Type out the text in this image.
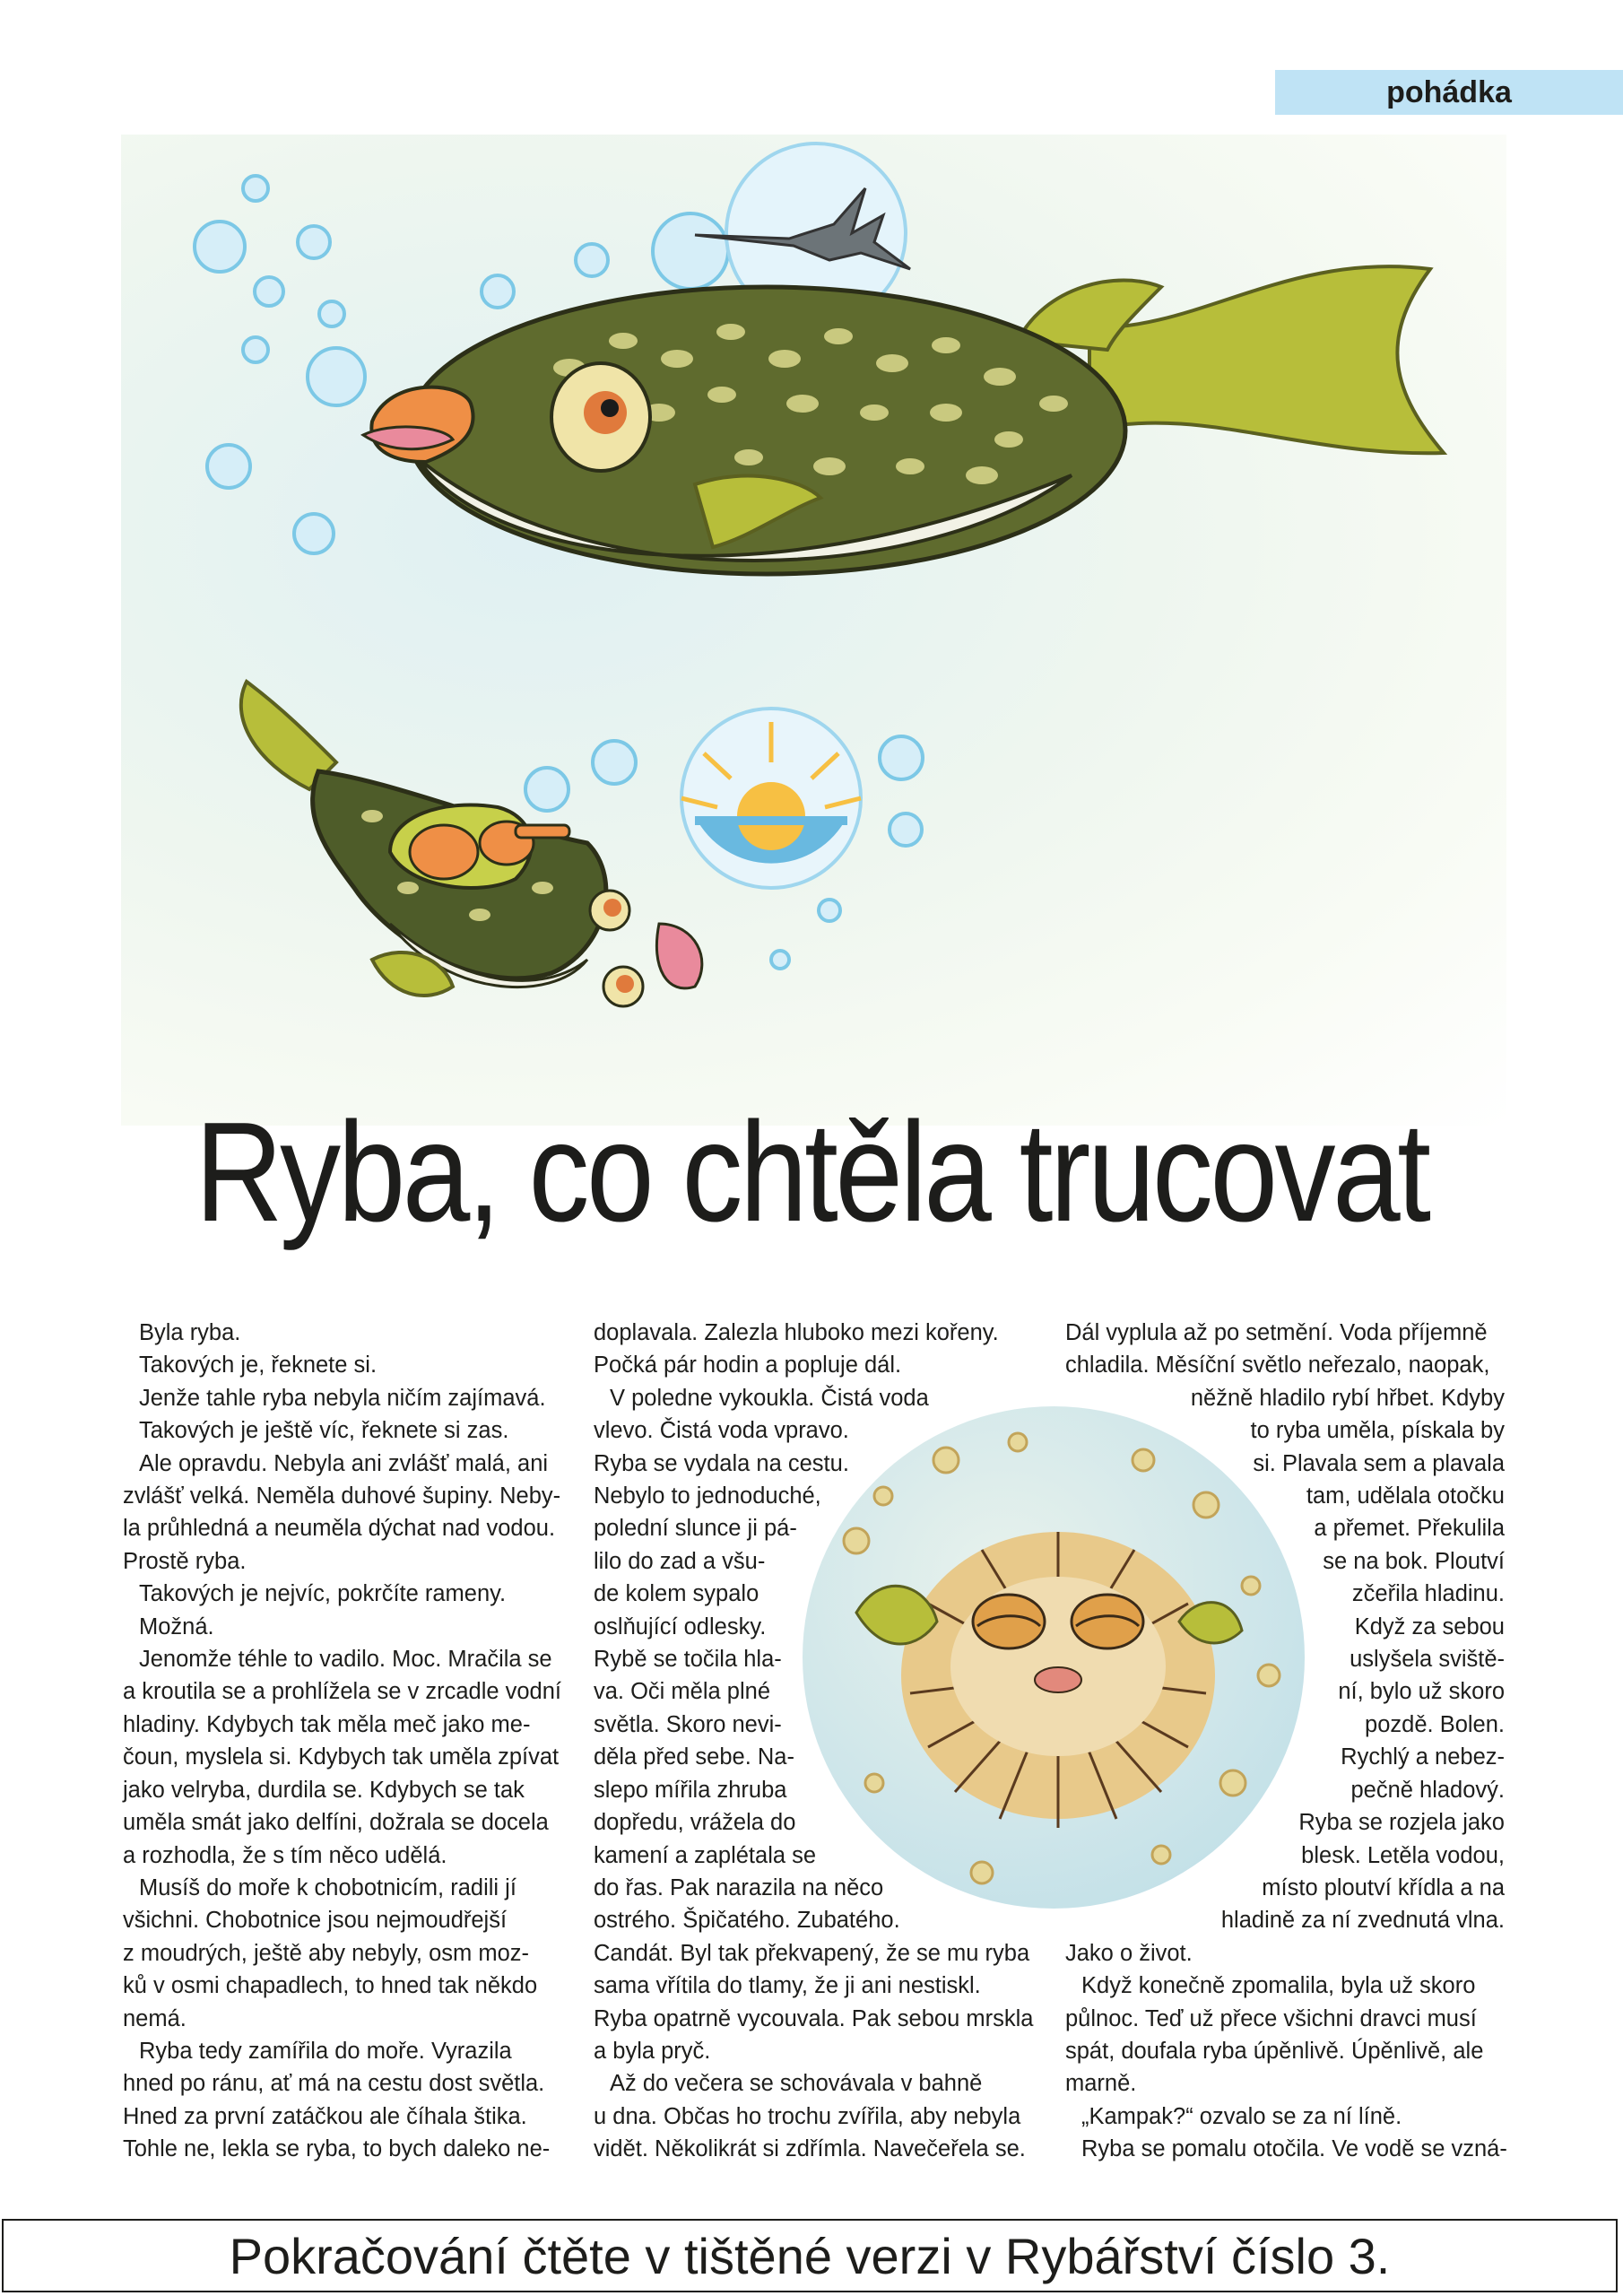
pohádka
Ryba, co chtěla trucovat
Byla ryba.
Takových je, řeknete si.
Jenže tahle ryba nebyla ničím zajímavá.
Takových je ještě víc, řeknete si zas.
Ale opravdu. Nebyla ani zvlášť malá, ani
zvlášť velká. Neměla duhové šupiny. Neby-
la průhledná a neuměla dýchat nad vodou.
Prostě ryba.
Takových je nejvíc, pokrčíte rameny.
Možná.
Jenomže téhle to vadilo. Moc. Mračila se
a kroutila se a prohlížela se v zrcadle vodní
hladiny. Kdybych tak měla meč jako me-
čoun, myslela si. Kdybych tak uměla zpívat
jako velryba, durdila se. Kdybych se tak
uměla smát jako delfíni, dožrala se docela
a rozhodla, že s tím něco udělá.
Musíš do moře k chobotnicím, radili jí
všichni. Chobotnice jsou nejmoudřejší
z moudrých, ještě aby nebyly, osm moz-
ků v osmi chapadlech, to hned tak někdo
nemá.
Ryba tedy zamířila do moře. Vyrazila
hned po ránu, ať má na cestu dost světla.
Hned za první zatáčkou ale číhala štika.
Tohle ne, lekla se ryba, to bych daleko ne-
doplavala. Zalezla hluboko mezi kořeny.
Počká pár hodin a popluje dál.
V poledne vykoukla. Čistá voda
vlevo. Čistá voda vpravo.
Ryba se vydala na cestu.
Nebylo to jednoduché,
polední slunce ji pá-
lilo do zad a všu-
de kolem sypalo
oslňující odlesky.
Rybě se točila hla-
va. Oči měla plné
světla. Skoro nevi-
děla před sebe. Na-
slepo mířila zhruba
dopředu, vrážela do
kamení a zaplétala se
do řas. Pak narazila na něco
ostrého. Špičatého. Zubatého.
Candát. Byl tak překvapený, že se mu ryba
sama vřítila do tlamy, že ji ani nestiskl.
Ryba opatrně vycouvala. Pak sebou mrskla
a byla pryč.
Až do večera se schovávala v bahně
u dna. Občas ho trochu zvířila, aby nebyla
vidět. Několikrát si zdřímla. Navečeřela se.
Dál vyplula až po setmění. Voda příjemně
chladila. Měsíční světlo neřezalo, naopak,
něžně hladilo rybí hřbet. Kdyby
to ryba uměla, pískala by
si. Plavala sem a plavala
tam, udělala otočku
a přemet. Překulila
se na bok. Ploutví
zčeřila hladinu.
Když za sebou
uslyšela sviště-
ní, bylo už skoro
pozdě. Bolen.
Rychlý a nebez-
pečně hladový.
Ryba se rozjela jako
blesk. Letěla vodou,
místo ploutví křídla a na
hladině za ní zvednutá vlna.
Jako o život.
Když konečně zpomalila, byla už skoro
půlnoc. Teď už přece všichni dravci musí
spát, doufala ryba úpěnlivě. Úpěnlivě, ale
marně.
„Kampak?“ ozvalo se za ní líně.
Ryba se pomalu otočila. Ve vodě se vzná-
Pokračování čtěte v tištěné verzi v Rybářství číslo 3.
